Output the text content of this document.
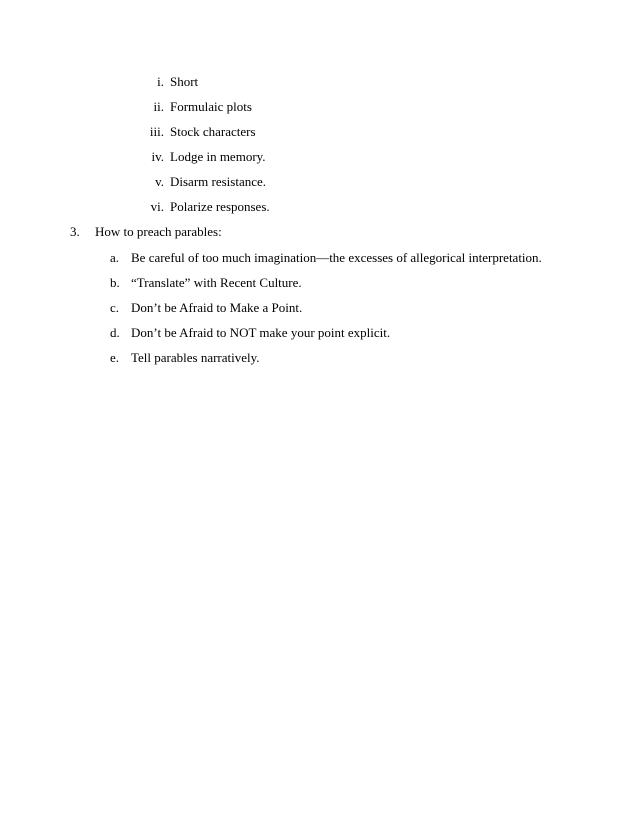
i. Short
ii. Formulaic plots
iii. Stock characters
iv. Lodge in memory.
v. Disarm resistance.
vi. Polarize responses.
3.	How to preach parables:
a. Be careful of too much imagination—the excesses of allegorical interpretation.
b. “Translate” with Recent Culture.
c. Don’t be Afraid to Make a Point.
d. Don’t be Afraid to NOT make your point explicit.
e. Tell parables narratively.
